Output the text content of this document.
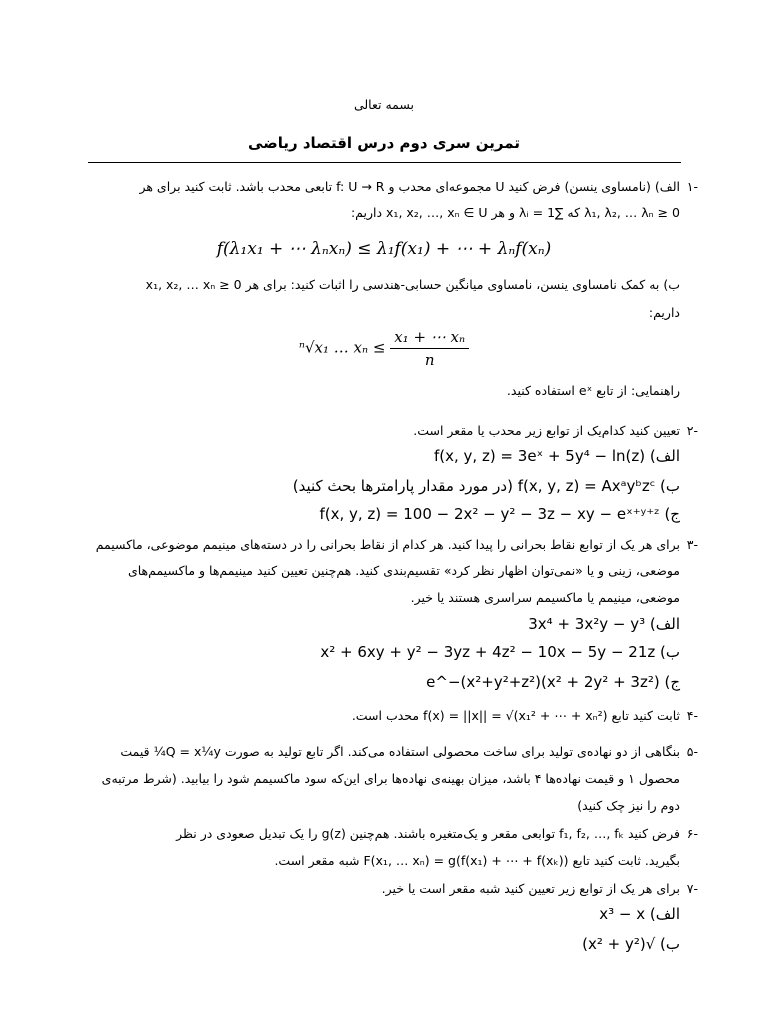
بسمه تعالی
تمرین سری دوم درس اقتصاد ریاضی
-۱
الف) (نامساوی ینسن) فرض کنید U مجموعه‌ای محدب و f: U → R تابعی محدب باشد. ثابت کنید برای هر
λ₁, λ₂, … λₙ ≥ 0 که ∑λᵢ = 1 و هر x₁, x₂, …, xₙ ∈ U داریم:
f(λ₁x₁ + ⋯ λₙxₙ) ≤ λ₁f(x₁) + ⋯ + λₙf(xₙ)
ب) به کمک نامساوی ینسن، نامساوی میانگین حسابی-هندسی را اثبات کنید: برای هر x₁, x₂, … xₙ ≥ 0
داریم:
ⁿ√x₁ … $x_n \le \frac{\text{x₁ + ⋯ xₙ}}{n}$
راهنمایی: از تابع eˣ استفاده کنید.
-۲
تعیین کنید کدام‌یک از توابع زیر محدب یا مقعر است.
الف) f(x, y, z) = 3eˣ + 5y⁴ − ln(z)
ب) f(x, y, z) = Axᵃyᵇzᶜ (در مورد مقدار پارامترها بحث کنید)
ج) f(x, y, z) = 100 − 2x² − y² − 3z − xy − eˣ⁺ʸ⁺ᶻ
-۳
برای هر یک از توابع نقاط بحرانی را پیدا کنید. هر کدام از نقاط بحرانی را در دسته‌های مینیمم موضوعی، ماکسیمم
موضعی، زینی و یا «نمی‌توان اظهار نظر کرد» تقسیم‌بندی کنید. هم‌چنین تعیین کنید مینیمم‌ها و ماکسیمم‌های
موضعی، مینیمم یا ماکسیمم سراسری هستند یا خیر.
الف) 3x⁴ + 3x²y − y³
ب) x² + 6xy + y² − 3yz + 4z² − 10x − 5y − 21z
ج) (x² + 2y² + 3z²)e^−(x²+y²+z²)
-۴
ثابت کنید تابع f(x) = ||x|| = √(x₁² + ⋯ + xₙ²) محدب است.
-۵
بنگاهی از دو نهاده‌ی تولید برای ساخت محصولی استفاده می‌کند. اگر تابع تولید به صورت Q = x¼y¼ قیمت
محصول ۱ و قیمت نهاده‌ها ۴ باشد، میزان بهینه‌ی نهاده‌ها برای این‌که سود ماکسیمم شود را بیابید. (شرط مرتبه‌ی
دوم را نیز چک کنید)
-۶
فرض کنید f₁, f₂, …, fₖ توابعی مقعر و یک‌متغیره باشند. هم‌چنین g(z) را یک تبدیل صعودی در نظر
بگیرید. ثابت کنید تابع F(x₁, … xₙ) = g(f(x₁) + ⋯ + f(xₖ)) شبه مقعر است.
-۷
برای هر یک از توابع زیر تعیین کنید شبه مقعر است یا خیر.
الف) x³ − x
ب) √(x² + y²)
